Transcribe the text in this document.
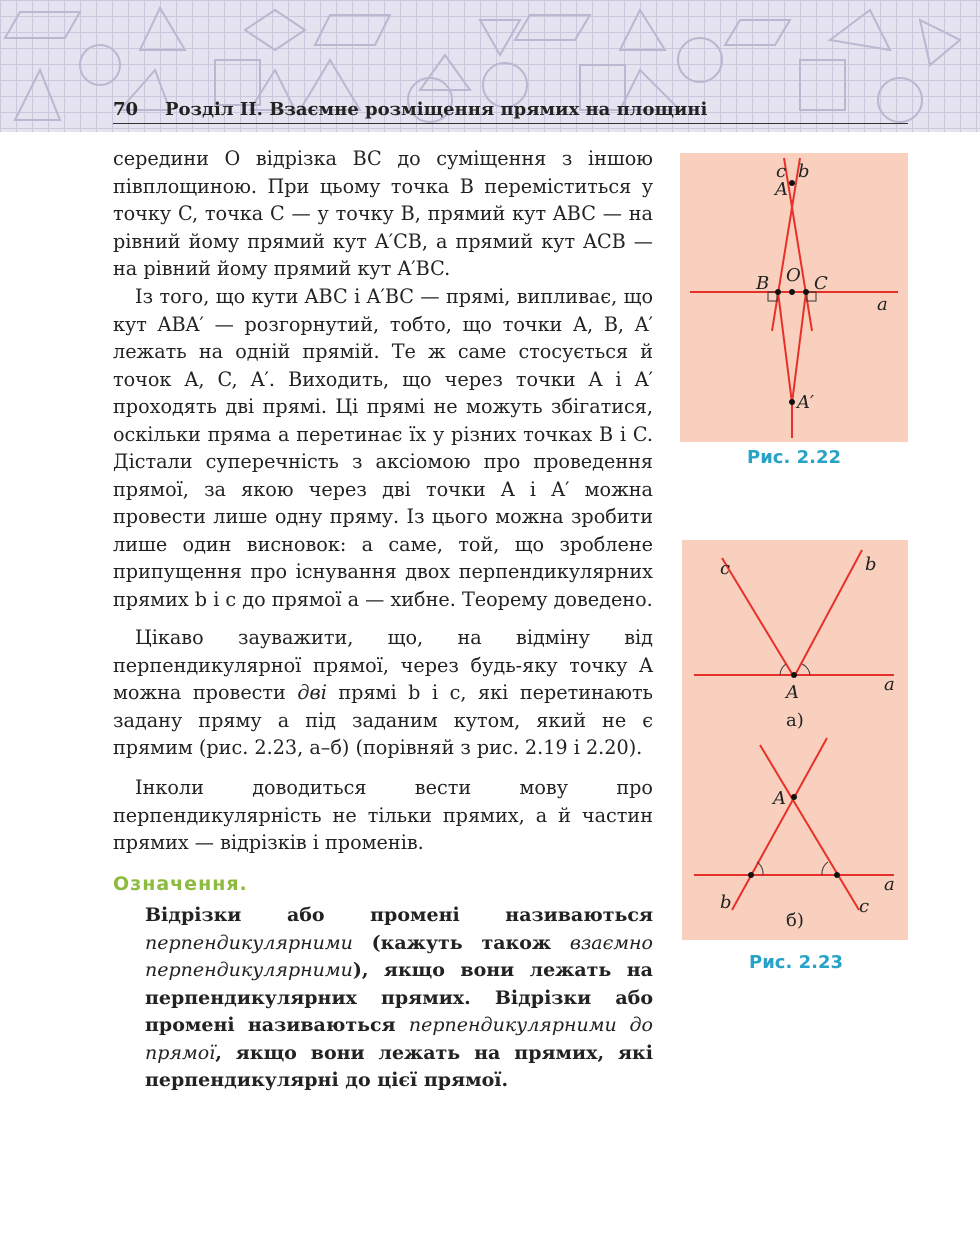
70 Розділ ІІ. Взаємне розміщення прямих на площині

середини O відрізка BC до суміщення з іншою півплощиною. При цьому точка B переміститься у точку C, точка C — у точку B, прямий кут ABC — на рівний йому прямий кут A′CB, а прямий кут ACB — на рівний йому прямий кут A′BC.

Із того, що кути ABC і A′BC — прямі, випливає, що кут ABA′ — розгорнутий, тобто, що точки A, B, A′ лежать на одній прямій. Те ж саме стосується й точок A, C, A′. Виходить, що через точки A і A′ проходять дві прямі. Ці прямі не можуть збігатися, оскільки пряма a перетинає їх у різних точках B і C. Дістали суперечність з аксіомою про проведення прямої, за якою через дві точки A і A′ можна провести лише одну пряму. Із цього можна зробити лише один висновок: а саме, той, що зроблене припущення про існування двох перпендикулярних прямих b і c до прямої a — хибне. Теорему доведено.

Цікаво зауважити, що, на відміну від перпендикулярної прямої, через будь-яку точку A можна провести дві прямі b і c, які перетинають задану пряму a під заданим кутом, який не є прямим (рис. 2.23, а–б) (порівняй з рис. 2.19 і 2.20).

Інколи доводиться вести мову про перпендикулярність не тільки прямих, а й частин прямих — відрізків і променів.

Означення.

Відрізки або промені називаються перпендикулярними (кажуть також взаємно перпендикулярними), якщо вони лежать на перпендикулярних прямих. Відрізки або промені називаються перпендикулярними до прямої, якщо вони лежать на прямих, які перпендикулярні до цієї прямої.

c b
A
B O C
a
A′
Рис. 2.22
c	b
A	a
а)
A
a
b	c
б)
Рис. 2.23
